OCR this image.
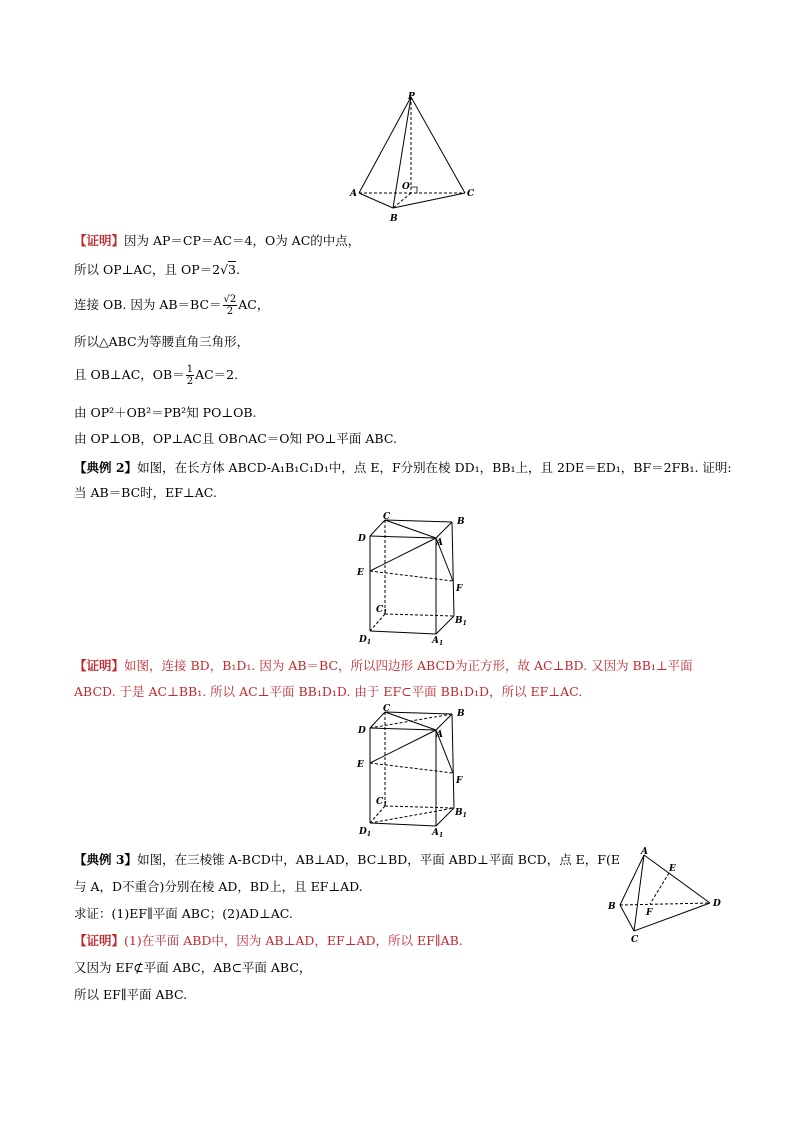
P
A
B
C
O
【证明】因为 AP＝CP＝AC＝4，O为 AC的中点，
所以 OP⊥AC，且 OP＝2√3.
连接 OB. 因为 $AB=BC= \frac{√2}{2}$ AC，
所以△ABC为等腰直角三角形，
且 OB⊥AC，$OB= \frac{1}{2} AC=2$.
由 OP²＋OB²＝PB²知 PO⊥OB.
由 OP⊥OB，OP⊥AC且 OB∩AC＝O知 PO⊥平面 ABC.
【典例 2】如图，在长方体 ABCD-A₁B₁C₁D₁中，点 E，F分别在棱 DD₁，BB₁上，且 2DE＝ED₁，BF＝2FB₁. 证明:
当 AB＝BC时，EF⊥AC.
C	B
D	A
E
F
$C_1$
$B_1$
$D_1$	$A_1$
【证明】如图，连接 BD，B₁D₁. 因为 AB＝BC，所以四边形 ABCD为正方形，故 AC⊥BD. 又因为 BB₁⊥平面
ABCD. 于是 AC⊥BB₁. 所以 AC⊥平面 BB₁D₁D. 由于 EF⊂平面 BB₁D₁D，所以 EF⊥AC.
C	B
D	A
E
F
$C_1$
$B_1$
$D_1$	$A_1$
【典例 3】如图，在三棱锥 A-BCD中，AB⊥AD，BC⊥BD，平面 ABD⊥平面 BCD，点 E，F(E
与 A，D不重合)分别在棱 AD，BD上，且 EF⊥AD.
求证：(1)EF∥平面 ABC；(2)AD⊥AC.
A
E
B
F
D
C
【证明】(1)在平面 ABD中，因为 AB⊥AD，EF⊥AD，所以 EF∥AB.
又因为 EF⊄平面 ABC，AB⊂平面 ABC，
所以 EF∥平面 ABC.
